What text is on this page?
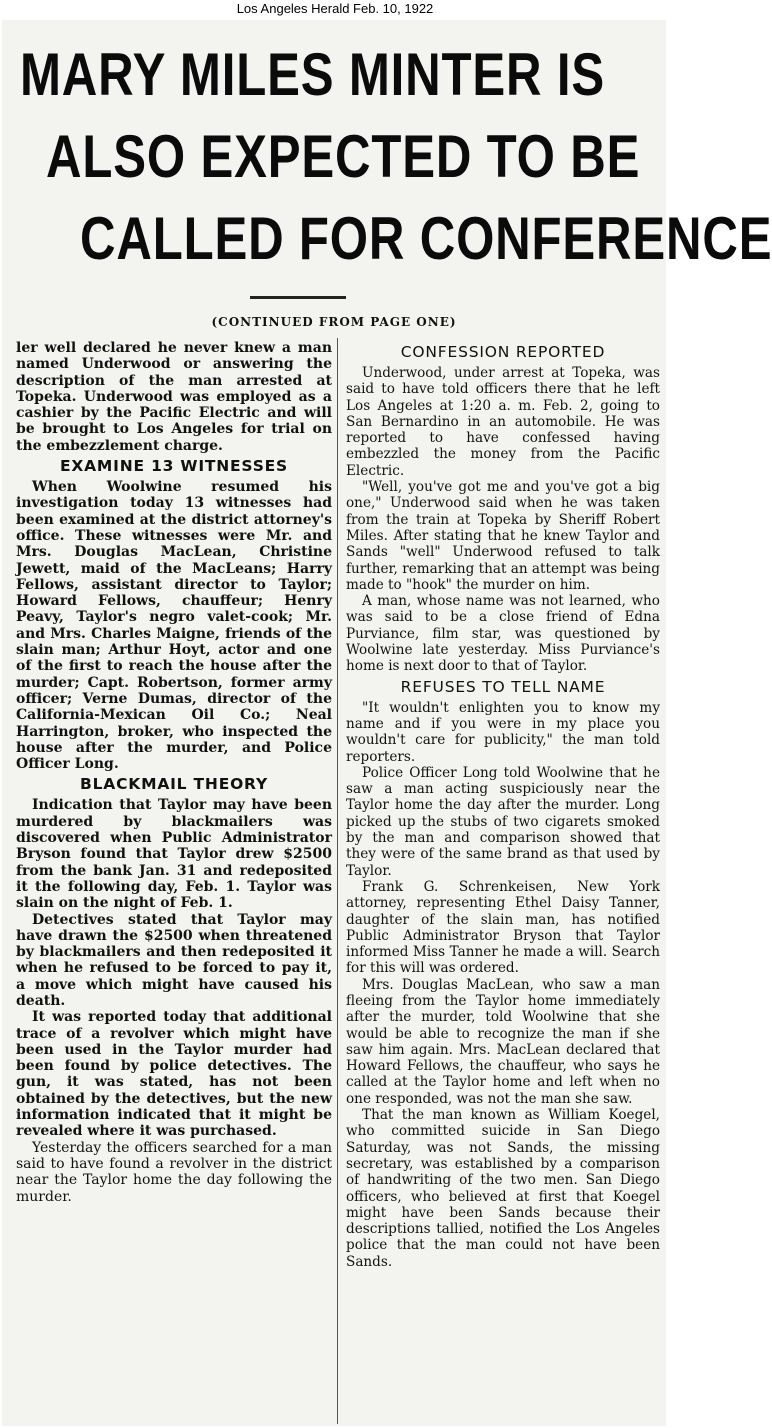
Los Angeles Herald Feb. 10, 1922
MARY MILES MINTER IS
ALSO EXPECTED TO BE
CALLED FOR CONFERENCE
(CONTINUED FROM PAGE ONE)

ler well declared he never knew a man named Underwood or answering the description of the man arrested at Topeka. Underwood was employed as a cashier by the Pacific Electric and will be brought to Los Angeles for trial on the embezzlement charge.

EXAMINE 13 WITNESSES

When Woolwine resumed his investigation today 13 witnesses had been examined at the district attorney's office. These witnesses were Mr. and Mrs. Douglas MacLean, Christine Jewett, maid of the MacLeans; Harry Fellows, assistant director to Taylor; Howard Fellows, chauffeur; Henry Peavy, Taylor's negro valet-cook; Mr. and Mrs. Charles Maigne, friends of the slain man; Arthur Hoyt, actor and one of the first to reach the house after the murder; Capt. Robertson, former army officer; Verne Dumas, director of the California-Mexican Oil Co.; Neal Harrington, broker, who inspected the house after the murder, and Police Officer Long.

BLACKMAIL THEORY

Indication that Taylor may have been murdered by blackmailers was discovered when Public Administrator Bryson found that Taylor drew $2500 from the bank Jan. 31 and redeposited it the following day, Feb. 1. Taylor was slain on the night of Feb. 1.

Detectives stated that Taylor may have drawn the $2500 when threatened by blackmailers and then redeposited it when he refused to be forced to pay it, a move which might have caused his death.

It was reported today that additional trace of a revolver which might have been used in the Taylor murder had been found by police detectives. The gun, it was stated, has not been obtained by the detectives, but the new information indicated that it might be revealed where it was purchased.

Yesterday the officers searched for a man said to have found a revolver in the district near the Taylor home the day following the murder.

CONFESSION REPORTED

Underwood, under arrest at Topeka, was said to have told officers there that he left Los Angeles at 1:20 a. m. Feb. 2, going to San Bernardino in an automobile. He was reported to have confessed having embezzled the money from the Pacific Electric.

"Well, you've got me and you've got a big one," Underwood said when he was taken from the train at Topeka by Sheriff Robert Miles. After stating that he knew Taylor and Sands "well" Underwood refused to talk further, remarking that an attempt was being made to "hook" the murder on him.

A man, whose name was not learned, who was said to be a close friend of Edna Purviance, film star, was questioned by Woolwine late yesterday. Miss Purviance's home is next door to that of Taylor.

REFUSES TO TELL NAME

"It wouldn't enlighten you to know my name and if you were in my place you wouldn't care for publicity," the man told reporters.

Police Officer Long told Woolwine that he saw a man acting suspiciously near the Taylor home the day after the murder. Long picked up the stubs of two cigarets smoked by the man and comparison showed that they were of the same brand as that used by Taylor.

Frank G. Schrenkeisen, New York attorney, representing Ethel Daisy Tanner, daughter of the slain man, has notified Public Administrator Bryson that Taylor informed Miss Tanner he made a will. Search for this will was ordered.

Mrs. Douglas MacLean, who saw a man fleeing from the Taylor home immediately after the murder, told Woolwine that she would be able to recognize the man if she saw him again. Mrs. MacLean declared that Howard Fellows, the chauffeur, who says he called at the Taylor home and left when no one responded, was not the man she saw.

That the man known as William Koegel, who committed suicide in San Diego Saturday, was not Sands, the missing secretary, was established by a comparison of handwriting of the two men. San Diego officers, who believed at first that Koegel might have been Sands because their descriptions tallied, notified the Los Angeles police that the man could not have been Sands.
